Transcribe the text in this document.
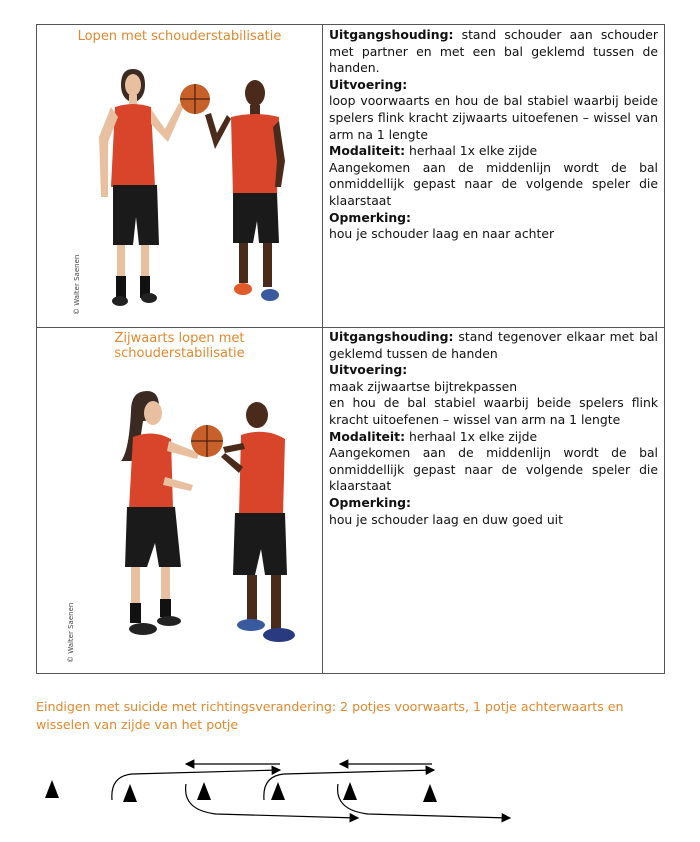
Lopen met schouderstabilisatie
© Walter Saenen

Uitgangshouding: stand schouder aan schouder met partner en met een bal geklemd tussen de handen.

Uitvoering:

loop voorwaarts en hou de bal stabiel waarbij beide spelers flink kracht zijwaarts uitoefenen – wissel van arm na 1 lengte

Modaliteit: herhaal 1x elke zijde

Aangekomen aan de middenlijn wordt de bal onmiddellijk gepast naar de volgende speler die klaarstaat

Opmerking:

hou je schouder laag en naar achter

Zijwaarts lopen met
schouderstabilisatie
© Walter Saenen

Uitgangshouding: stand tegenover elkaar met bal geklemd tussen de handen

Uitvoering:

maak zijwaartse bijtrekpassen

en hou de bal stabiel waarbij beide spelers flink kracht uitoefenen – wissel van arm na 1 lengte

Modaliteit: herhaal 1x elke zijde

Aangekomen aan de middenlijn wordt de bal onmiddellijk gepast naar de volgende speler die klaarstaat

Opmerking:

hou je schouder laag en duw goed uit

Eindigen met suicide met richtingsverandering: 2 potjes voorwaarts, 1 potje achterwaarts en wisselen van zijde van het potje
